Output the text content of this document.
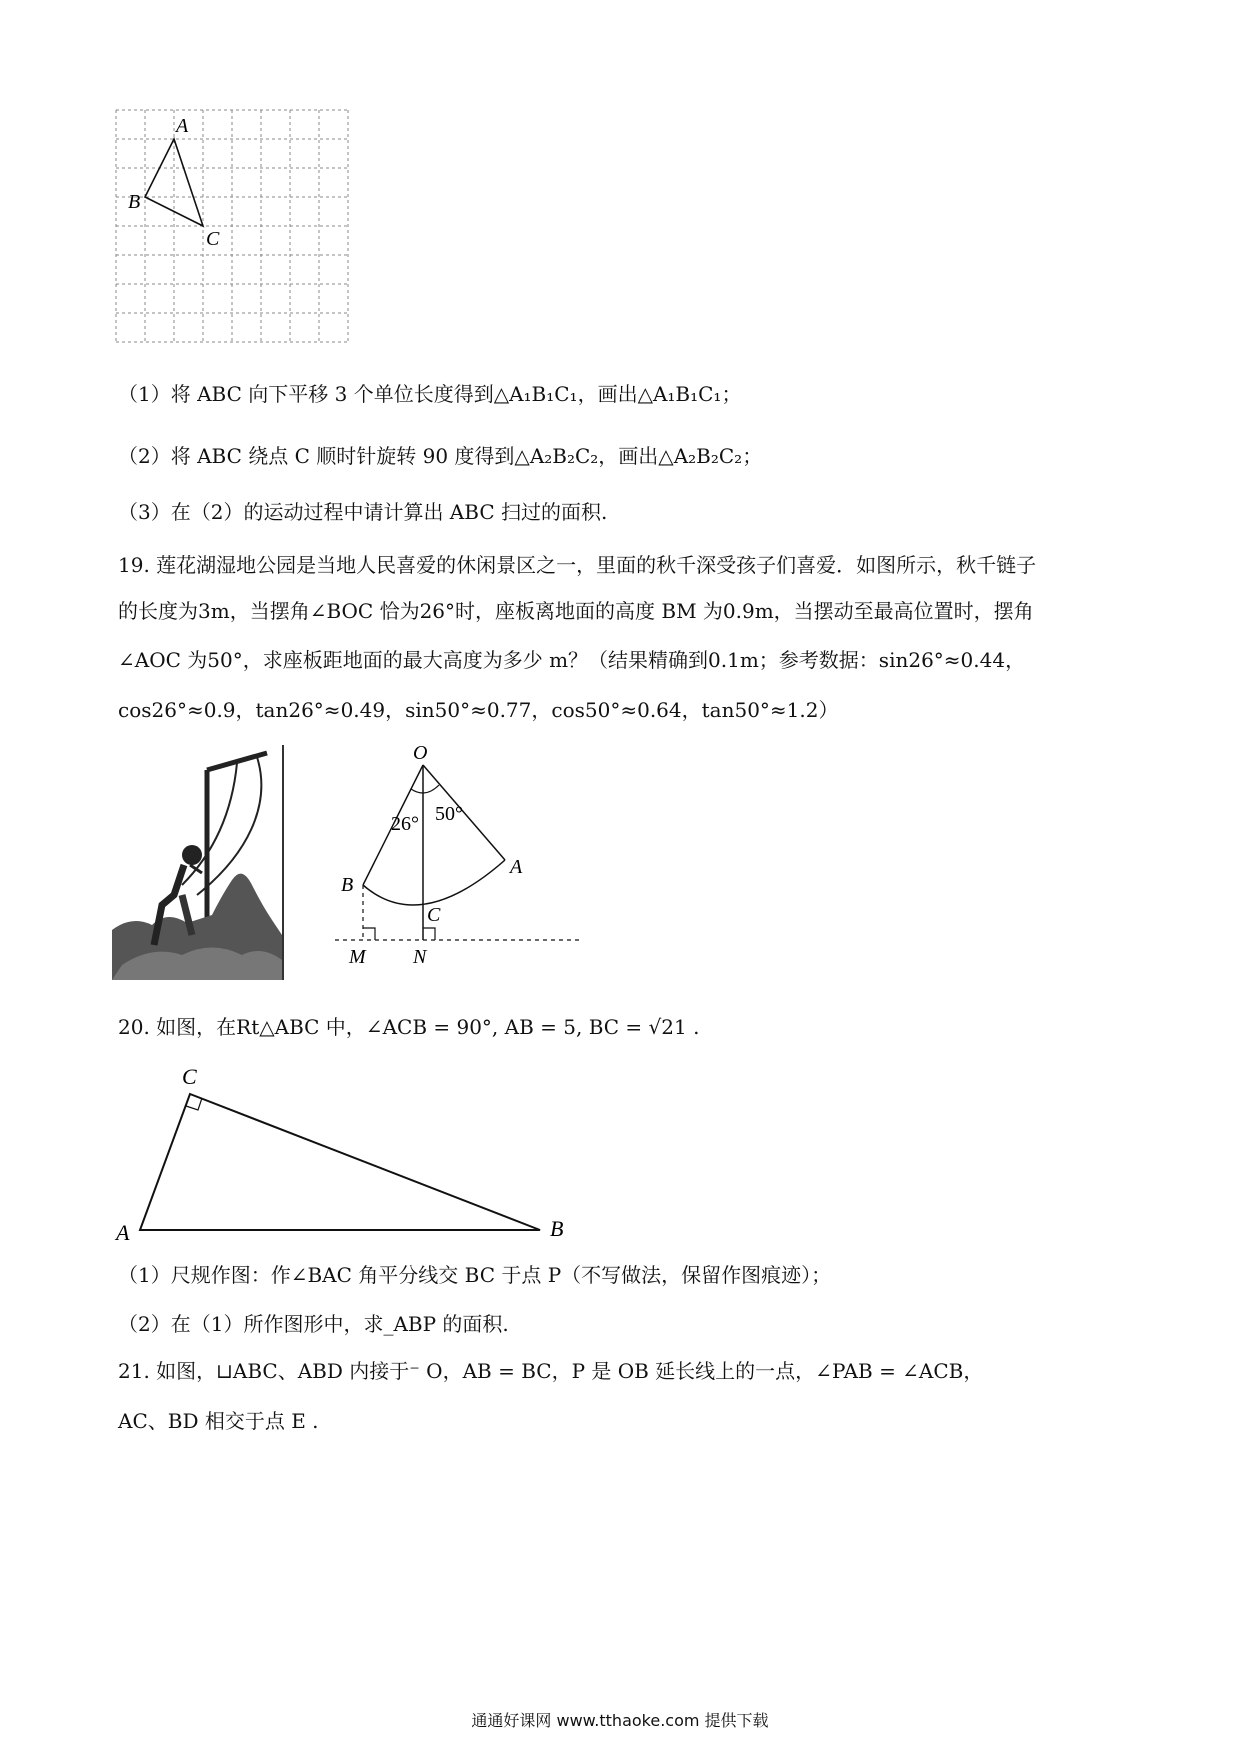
A
B
C
（1）将 ABC 向下平移 3 个单位长度得到△A₁B₁C₁，画出△A₁B₁C₁；
（2）将 ABC 绕点 C 顺时针旋转 90 度得到△A₂B₂C₂，画出△A₂B₂C₂；
（3）在（2）的运动过程中请计算出 ABC 扫过的面积.
19. 莲花湖湿地公园是当地人民喜爱的休闲景区之一，里面的秋千深受孩子们喜爱．如图所示，秋千链子
的长度为3m，当摆角∠BOC 恰为26°时，座板离地面的高度 BM 为0.9m，当摆动至最高位置时，摆角
∠AOC 为50°，求座板距地面的最大高度为多少 m？（结果精确到0.1m；参考数据：sin26°≈0.44，
cos26°≈0.9，tan26°≈0.49，sin50°≈0.77，cos50°≈0.64，tan50°≈1.2）
O
26° 50°
A
B
C
M N
20. 如图，在Rt△ABC 中，∠ACB = 90°, AB = 5, BC = √21 .
C
A	B
（1）尺规作图：作∠BAC 角平分线交 BC 于点 P（不写做法，保留作图痕迹）；
（2）在（1）所作图形中，求_ABP 的面积.
21. 如图，⊔ABC、ABD 内接于⁻ O，AB = BC，P 是 OB 延长线上的一点，∠PAB = ∠ACB，
AC、BD 相交于点 E .
通通好课网 www.tthaoke.com 提供下载
